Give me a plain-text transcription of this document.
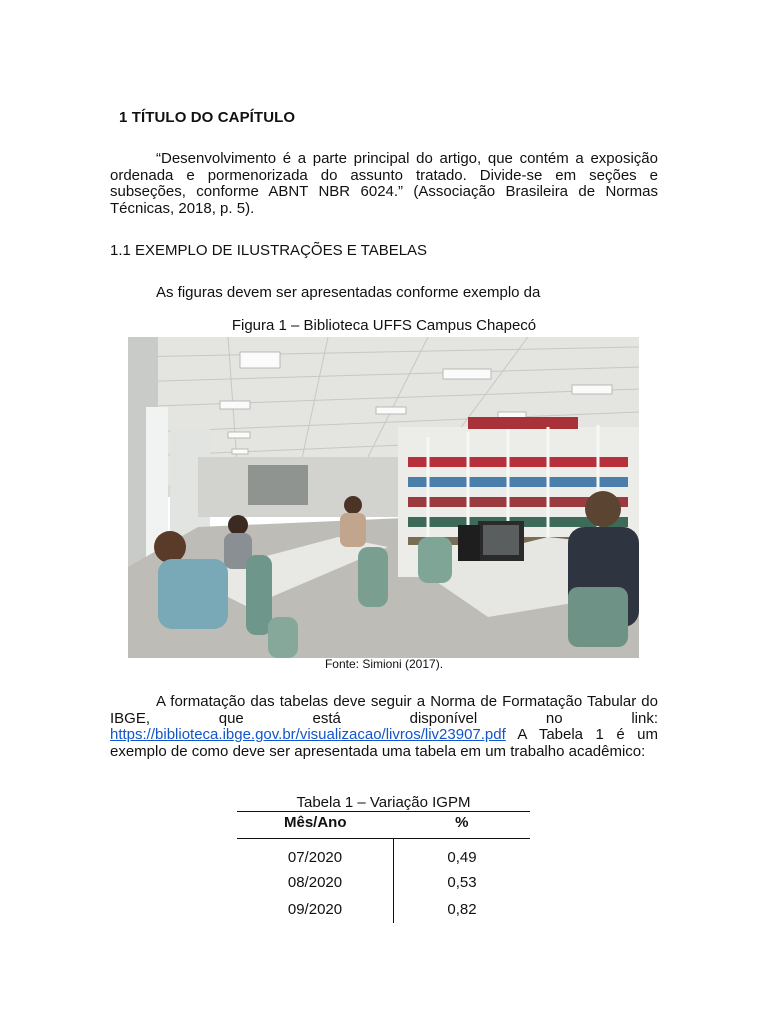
1 TÍTULO DO CAPÍTULO
“Desenvolvimento é a parte principal do artigo, que contém a exposição ordenada e pormenorizada do assunto tratado. Divide-se em seções e subseções, conforme ABNT NBR 6024.” (Associação Brasileira de Normas Técnicas, 2018, p. 5).
1.1 EXEMPLO DE ILUSTRAÇÕES E TABELAS
As figuras devem ser apresentadas conforme exemplo da
Figura 1 – Biblioteca UFFS Campus Chapecó
Fonte: Simioni (2017).
A formatação das tabelas deve seguir a Norma de Formatação Tabular do IBGE, que está disponível no link: https://biblioteca.ibge.gov.br/visualizacao/livros/liv23907.pdf A Tabela 1 é um exemplo de como deve ser apresentada uma tabela em um trabalho acadêmico:
Tabela 1 – Variação IGPM
Mês/Ano	%
07/2020	0,49
08/2020	0,53
09/2020	0,82
